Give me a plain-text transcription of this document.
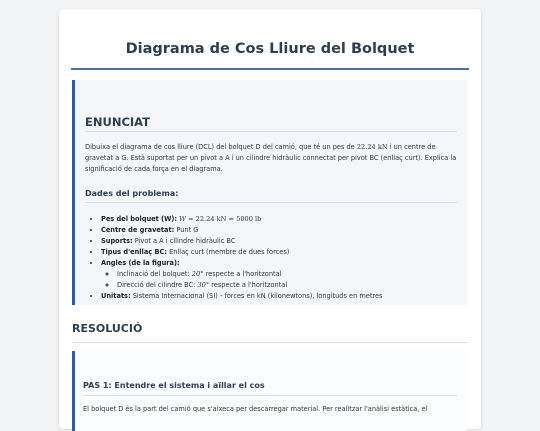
Diagrama de Cos Lliure del Bolquet
ENUNCIAT

Dibuixa el diagrama de cos lliure (DCL) del bolquet D del camió, que té un pes de 22.24 kN i un centre de gravetat a G. Està suportat per un pivot a A i un cilindre hidràulic connectat per pivot BC (enllaç curt). Explica la significació de cada força en el diagrama.

Dades del problema:
• Pes del bolquet (W): W = 22.24 kN ≈ 5000 lb
• Centre de gravetat: Punt G
• Suports: Pivot a A i cilindre hidràulic BC
• Tipus d'enllaç BC: Enllaç curt (membre de dues forces)
• Angles (de la figura):
◦ Inclinació del bolquet: 20° respecte a l'horitzontal
◦ Direcció del cilindre BC: 30° respecte a l'horitzontal
• Unitats: Sistema Internacional (SI) - forces en kN (kilonewtons), longituds en metres
RESOLUCIÓ
PAS 1: Entendre el sistema i aïllar el cos

El bolquet D és la part del camió que s'aixeca per descarregar material. Per realitzar l'anàlisi estàtica, el
